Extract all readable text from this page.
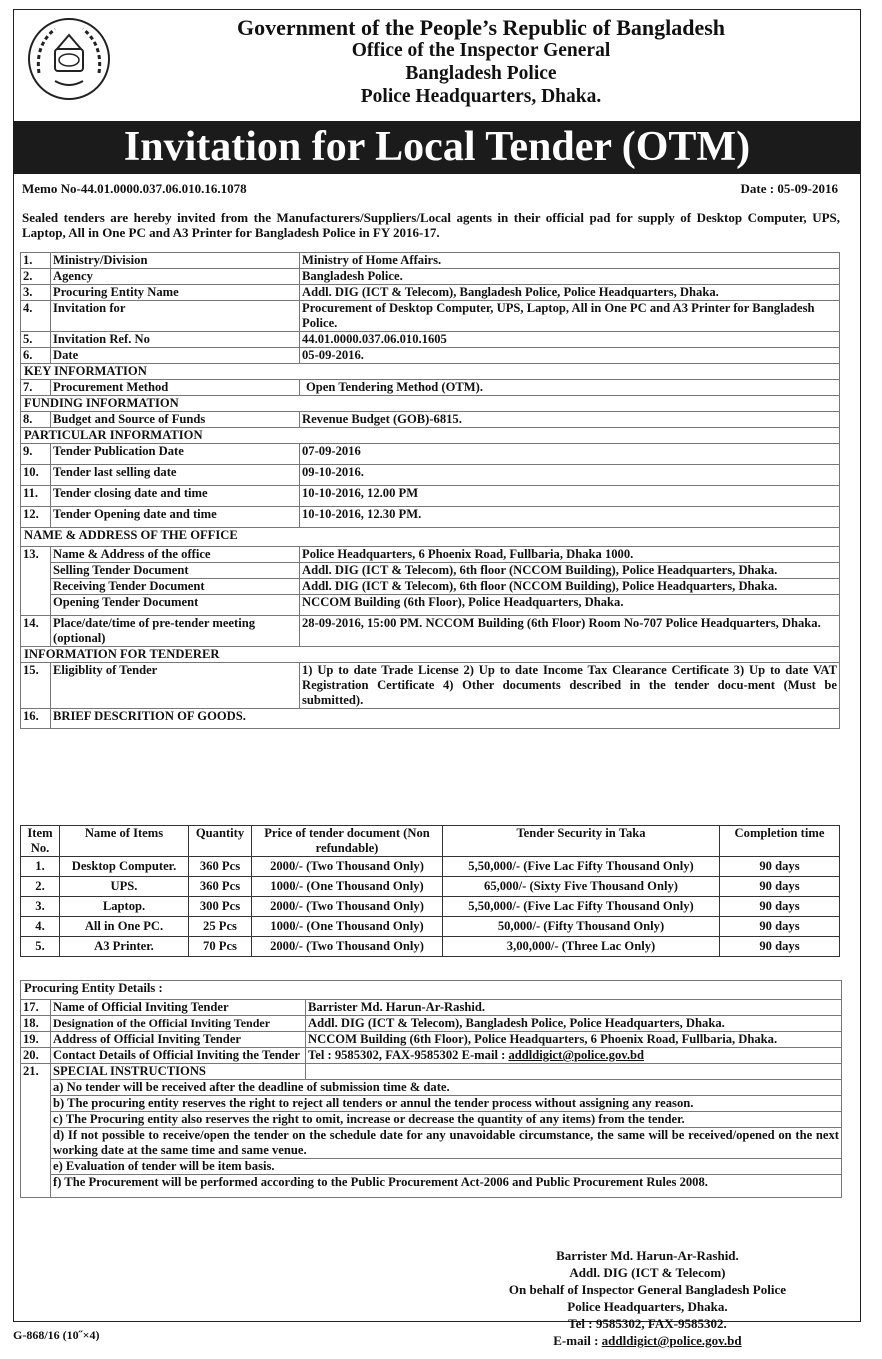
Government of the People’s Republic of Bangladesh
Office of the Inspector General
Bangladesh Police
Police Headquarters, Dhaka.
Invitation for Local Tender (OTM)
Memo No-44.01.0000.037.06.010.16.1078	Date : 05-09-2016
Sealed tenders are hereby invited from the Manufacturers/Suppliers/Local agents in their official pad for supply of Desktop Computer, UPS, Laptop, All in One PC and A3 Printer for Bangladesh Police in FY 2016-17.
1.	Ministry/Division	Ministry of Home Affairs.
2.	Agency	Bangladesh Police.
3.	Procuring Entity Name	Addl. DIG (ICT & Telecom), Bangladesh Police, Police Headquarters, Dhaka.
4.	Invitation for	Procurement of Desktop Computer, UPS, Laptop, All in One PC and A3 Printer for Bangladesh Police.
5.	Invitation Ref. No	44.01.0000.037.06.010.1605
6.	Date	05-09-2016.
KEY INFORMATION		
7.	Procurement Method	Open Tendering Method (OTM).
FUNDING INFORMATION		
8.	Budget and Source of Funds	Revenue Budget (GOB)-6815.
PARTICULAR INFORMATION		
9.	Tender Publication Date	07-09-2016
10.	Tender last selling date	09-10-2016.
11.	Tender closing date and time	10-10-2016, 12.00 PM
12.	Tender Opening date and time	10-10-2016, 12.30 PM.
NAME & ADDRESS OF THE OFFICE		
13.	Name & Address of the office	Police Headquarters, 6 Phoenix Road, Fullbaria, Dhaka 1000.
	Selling Tender Document	Addl. DIG (ICT & Telecom), 6th floor (NCCOM Building), Police Headquarters, Dhaka.
	Receiving Tender Document	Addl. DIG (ICT & Telecom), 6th floor (NCCOM Building), Police Headquarters, Dhaka.
	Opening Tender Document	NCCOM Building (6th Floor), Police Headquarters, Dhaka.
14.	Place/date/time of pre-tender meeting (optional)	28-09-2016, 15:00 PM. NCCOM Building (6th Floor) Room No-707 Police Headquarters, Dhaka.
INFORMATION FOR TENDERER		
15.	Eligiblity of Tender	1) Up to date Trade License 2) Up to date Income Tax Clearance Certificate 3) Up to date VAT Registration Certificate 4) Other documents described in the tender docu-ment (Must be submitted).
16.	BRIEF DESCRITION OF GOODS.	
Item No.	Name of Items	Quantity	Price of tender document (Non refundable)	Tender Security in Taka	Completion time
1.	Desktop Computer.	360 Pcs	2000/- (Two Thousand Only)	5,50,000/- (Five Lac Fifty Thousand Only)	90 days
2.	UPS.	360 Pcs	1000/- (One Thousand Only)	65,000/- (Sixty Five Thousand Only)	90 days
3.	Laptop.	300 Pcs	2000/- (Two Thousand Only)	5,50,000/- (Five Lac Fifty Thousand Only)	90 days
4.	All in One PC.	25 Pcs	1000/- (One Thousand Only)	50,000/- (Fifty Thousand Only)	90 days
5.	A3 Printer.	70 Pcs	2000/- (Two Thousand Only)	3,00,000/- (Three Lac Only)	90 days
Procuring Entity Details :		
17.	Name of Official Inviting Tender	Barrister Md. Harun-Ar-Rashid.
18.	Designation of the Official Inviting Tender	Addl. DIG (ICT & Telecom), Bangladesh Police, Police Headquarters, Dhaka.
19.	Address of Official Inviting Tender	NCCOM Building (6th Floor), Police Headquarters, 6 Phoenix Road, Fullbaria, Dhaka.
20.	Contact Details of Official Inviting the Tender	Tel : 9585302, FAX-9585302 E-mail : addldigict@police.gov.bd
21.	SPECIAL INSTRUCTIONS	
	a) No tender will be received after the deadline of submission time & date.	
	b) The procuring entity reserves the right to reject all tenders or annul the tender process without assigning any reason.	
	c) The Procuring entity also reserves the right to omit, increase or decrease the quantity of any items) from the tender.	
	d) If not possible to receive/open the tender on the schedule date for any unavoidable circumstance, the same will be received/opened on the next working date at the same time and same venue.	
	e) Evaluation of tender will be item basis.	
	f) The Procurement will be performed according to the Public Procurement Act-2006 and Public Procurement Rules 2008.	
Barrister Md. Harun-Ar-Rashid.
Addl. DIG (ICT & Telecom)
On behalf of Inspector General Bangladesh Police
Police Headquarters, Dhaka.
Tel : 9585302, FAX-9585302.
E-mail : addldigict@police.gov.bd
G-868/16 (10˝×4)
